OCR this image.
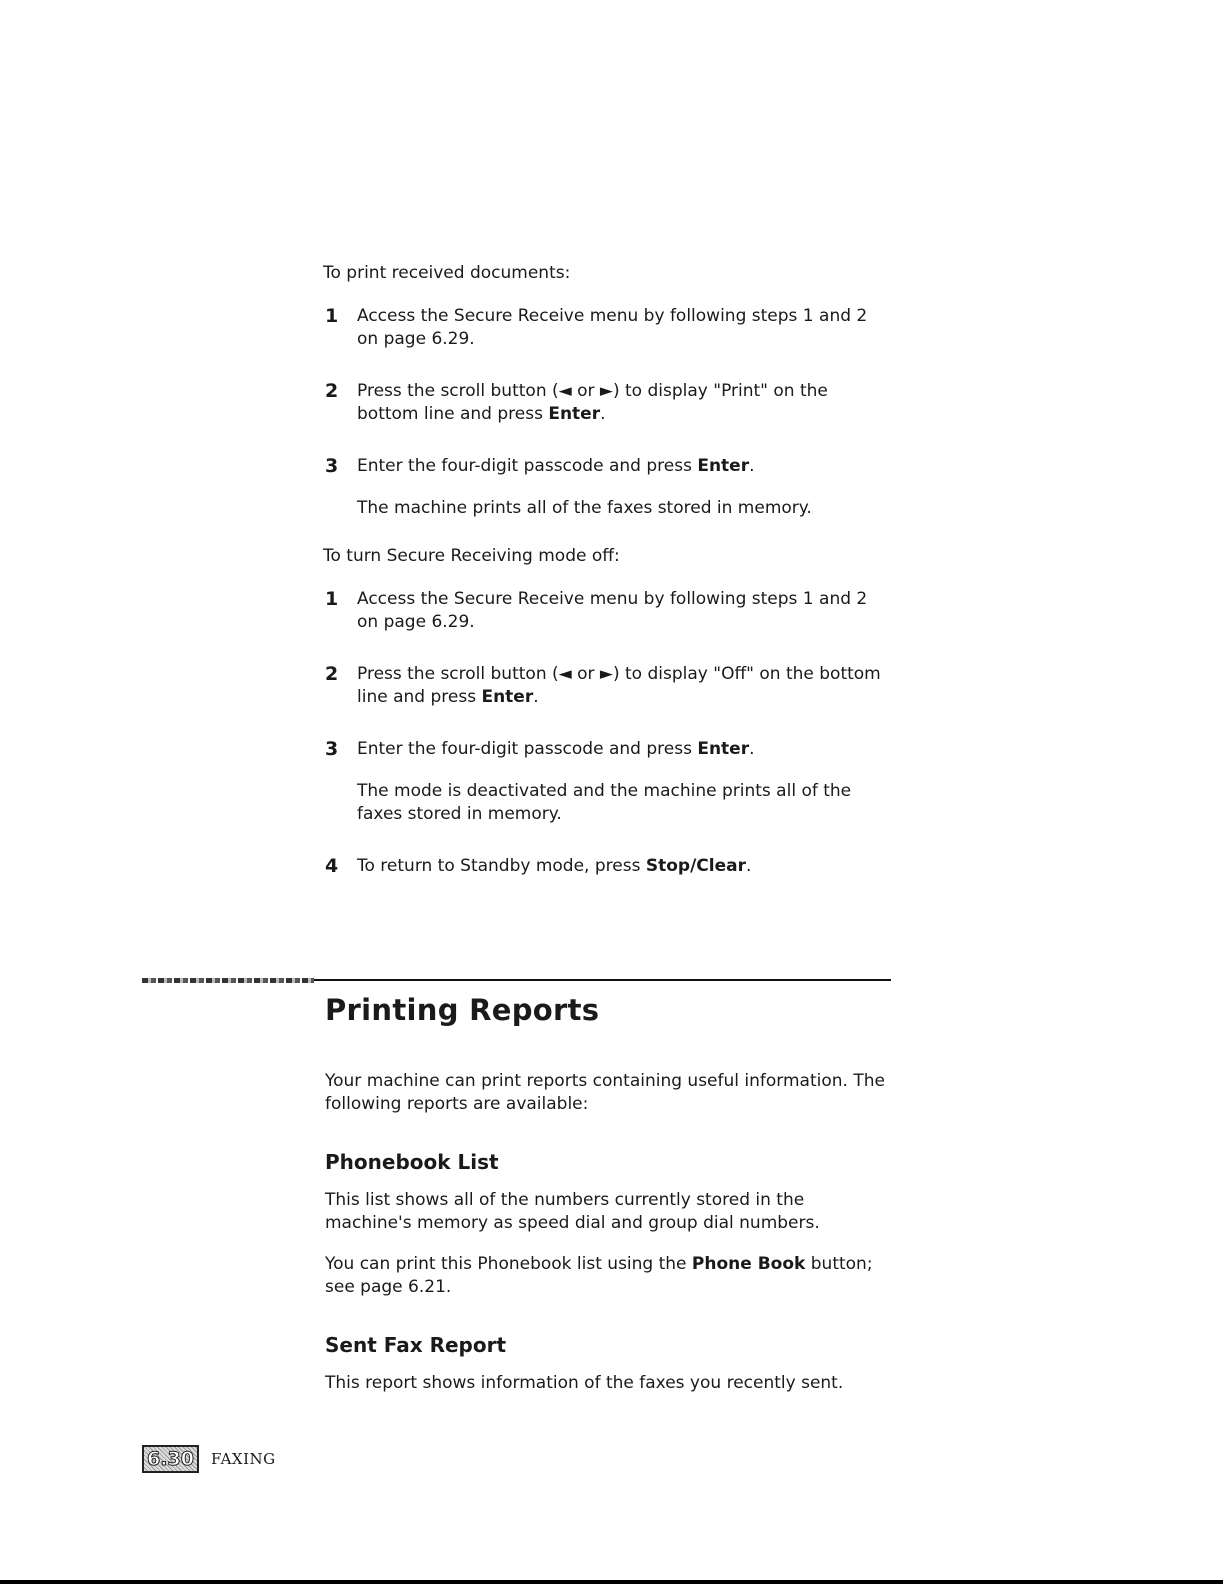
To print received documents:

1 Access the Secure Receive menu by following steps 1 and 2 on page 6.29.
2 Press the scroll button (◄ or ►) to display "Print" on the bottom line and press Enter.
3 Enter the four-digit passcode and press Enter.

The machine prints all of the faxes stored in memory.

To turn Secure Receiving mode off:

1 Access the Secure Receive menu by following steps 1 and 2 on page 6.29.
2 Press the scroll button (◄ or ►) to display "Off" on the bottom line and press Enter.
3 Enter the four-digit passcode and press Enter.

The mode is deactivated and the machine prints all of the faxes stored in memory.

4 To return to Standby mode, press Stop/Clear.
Printing Reports

Your machine can print reports containing useful information. The following reports are available:

Phonebook List

This list shows all of the numbers currently stored in the machine's memory as speed dial and group dial numbers.

You can print this Phonebook list using the Phone Book button; see page 6.21.

Sent Fax Report

This report shows information of the faxes you recently sent.

6.30	FAXING
